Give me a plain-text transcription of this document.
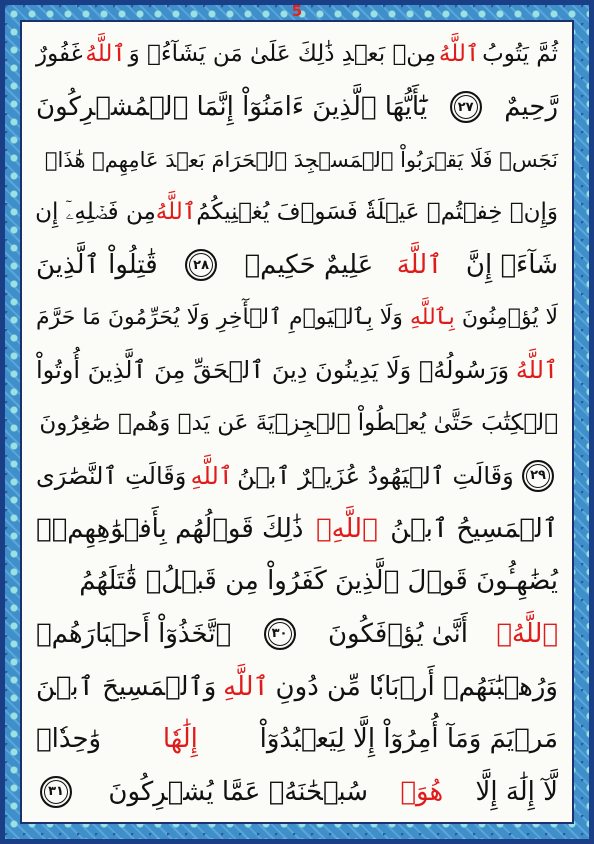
ثُمَّ يَتُوبُ
ٱللَّهُ
مِنۢ بَعۡدِ ذَٰلِكَ عَلَىٰ مَن يَشَآءُۗ وَ
ٱللَّهُ
غَفُورٌ
رَّحِيمٌ
٢٧
يَٰٓأَيُّهَا ٱلَّذِينَ ءَامَنُوٓاْ إِنَّمَا ٱلۡمُشۡرِكُونَ
نَجَسٞ فَلَا يَقۡرَبُواْ ٱلۡمَسۡجِدَ ٱلۡحَرَامَ بَعۡدَ عَامِهِمۡ هَٰذَاۚ
وَإِنۡ خِفۡتُمۡ عَيۡلَةٗ فَسَوۡفَ يُغۡنِيكُمُ
ٱللَّهُ
مِن فَضۡلِهِۦٓ إِن
شَآءَۚ إِنَّ
ٱللَّهَ
عَلِيمٌ حَكِيمٞ
٢٨
قَٰتِلُواْ ٱلَّذِينَ
لَا يُؤۡمِنُونَ
بِٱللَّهِ
وَلَا بِٱلۡيَوۡمِ ٱلۡأٓخِرِ وَلَا يُحَرِّمُونَ مَا حَرَّمَ
ٱللَّهُ
وَرَسُولُهُۥ وَلَا يَدِينُونَ دِينَ ٱلۡحَقِّ مِنَ ٱلَّذِينَ أُوتُواْ
ٱلۡكِتَٰبَ حَتَّىٰ يُعۡطُواْ ٱلۡجِزۡيَةَ عَن يَدٖ وَهُمۡ صَٰغِرُونَ
٢٩
وَقَالَتِ ٱلۡيَهُودُ عُزَيۡرٌ ٱبۡنُ
ٱللَّهِ
وَقَالَتِ ٱلنَّصَٰرَى
ٱلۡمَسِيحُ ٱبۡنُ
ٱللَّهِۖ
ذَٰلِكَ قَوۡلُهُم بِأَفۡوَٰهِهِمۡۖ
يُضَٰهِـُٔونَ قَوۡلَ ٱلَّذِينَ كَفَرُواْ مِن قَبۡلُۚ قَٰتَلَهُمُ
ٱللَّهُۖ
أَنَّىٰ يُؤۡفَكُونَ
٣٠
ٱتَّخَذُوٓاْ أَحۡبَارَهُمۡ
وَرُهۡبَٰنَهُمۡ أَرۡبَابٗا مِّن دُونِ
ٱللَّهِ
وَٱلۡمَسِيحَ ٱبۡنَ
مَرۡيَمَ وَمَآ أُمِرُوٓاْ إِلَّا لِيَعۡبُدُوٓاْ
إِلَٰهٗا
وَٰحِدٗاۖ
لَّآ إِلَٰهَ إِلَّا
هُوَۚ
سُبۡحَٰنَهُۥ عَمَّا يُشۡرِكُونَ
٣١
5
